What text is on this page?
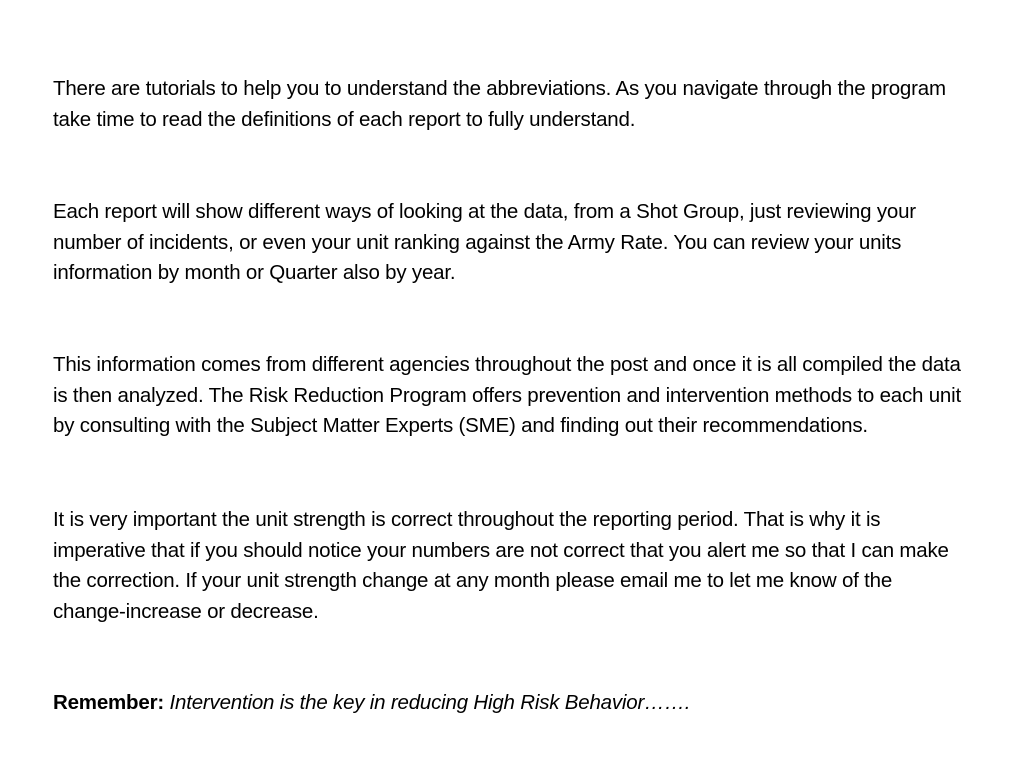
There are tutorials to help you to understand the abbreviations. As you navigate through the program take time to read the definitions of each report to fully understand.

Each report will show different ways of looking at the data, from a Shot Group, just reviewing your number of incidents, or even your unit ranking against the Army Rate. You can review your units information by month or Quarter also by year.

This information comes from different agencies throughout the post and once it is all compiled the data is then analyzed. The Risk Reduction Program offers prevention and intervention methods to each unit by consulting with the Subject Matter Experts (SME) and finding out their recommendations.

It is very important the unit strength is correct throughout the reporting period. That is why it is imperative that if you should notice your numbers are not correct that you alert me so that I can make the correction. If your unit strength change at any month please email me to let me know of the change-increase or decrease.

Remember: Intervention is the key in reducing High Risk Behavior…….
